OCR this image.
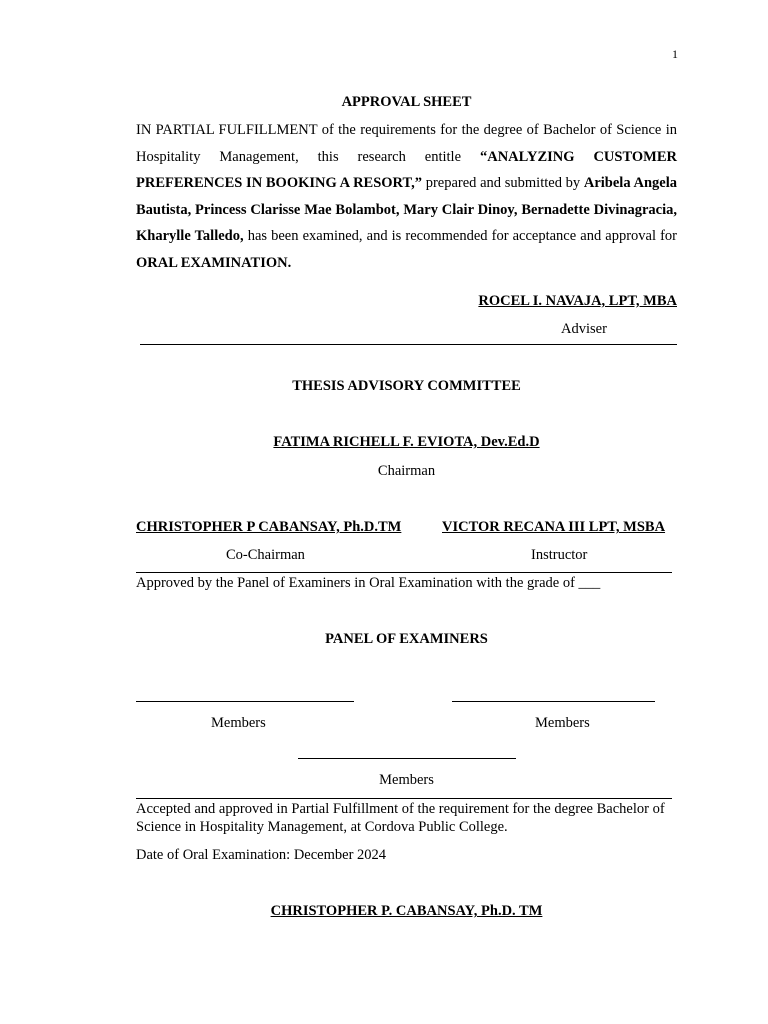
1
APPROVAL SHEET
IN PARTIAL FULFILLMENT of the requirements for the degree of Bachelor of Science in Hospitality Management, this research entitle “ANALYZING CUSTOMER PREFERENCES IN BOOKING A RESORT,” prepared and submitted by Aribela Angela Bautista, Princess Clarisse Mae Bolambot, Mary Clair Dinoy, Bernadette Divinagracia, Kharylle Talledo, has been examined, and is recommended for acceptance and approval for ORAL EXAMINATION.
ROCEL I. NAVAJA, LPT, MBA
Adviser
THESIS ADVISORY COMMITTEE
FATIMA RICHELL F. EVIOTA, Dev.Ed.D
Chairman
CHRISTOPHER P CABANSAY, Ph.D.TM
Co-Chairman
VICTOR RECANA III LPT, MSBA
Instructor
Approved by the Panel of Examiners in Oral Examination with the grade of ___
PANEL OF EXAMINERS
Members	Members
Members
Accepted and approved in Partial Fulfillment of the requirement for the degree Bachelor of Science in Hospitality Management, at Cordova Public College.
Date of Oral Examination: December 2024
CHRISTOPHER P. CABANSAY, Ph.D. TM
